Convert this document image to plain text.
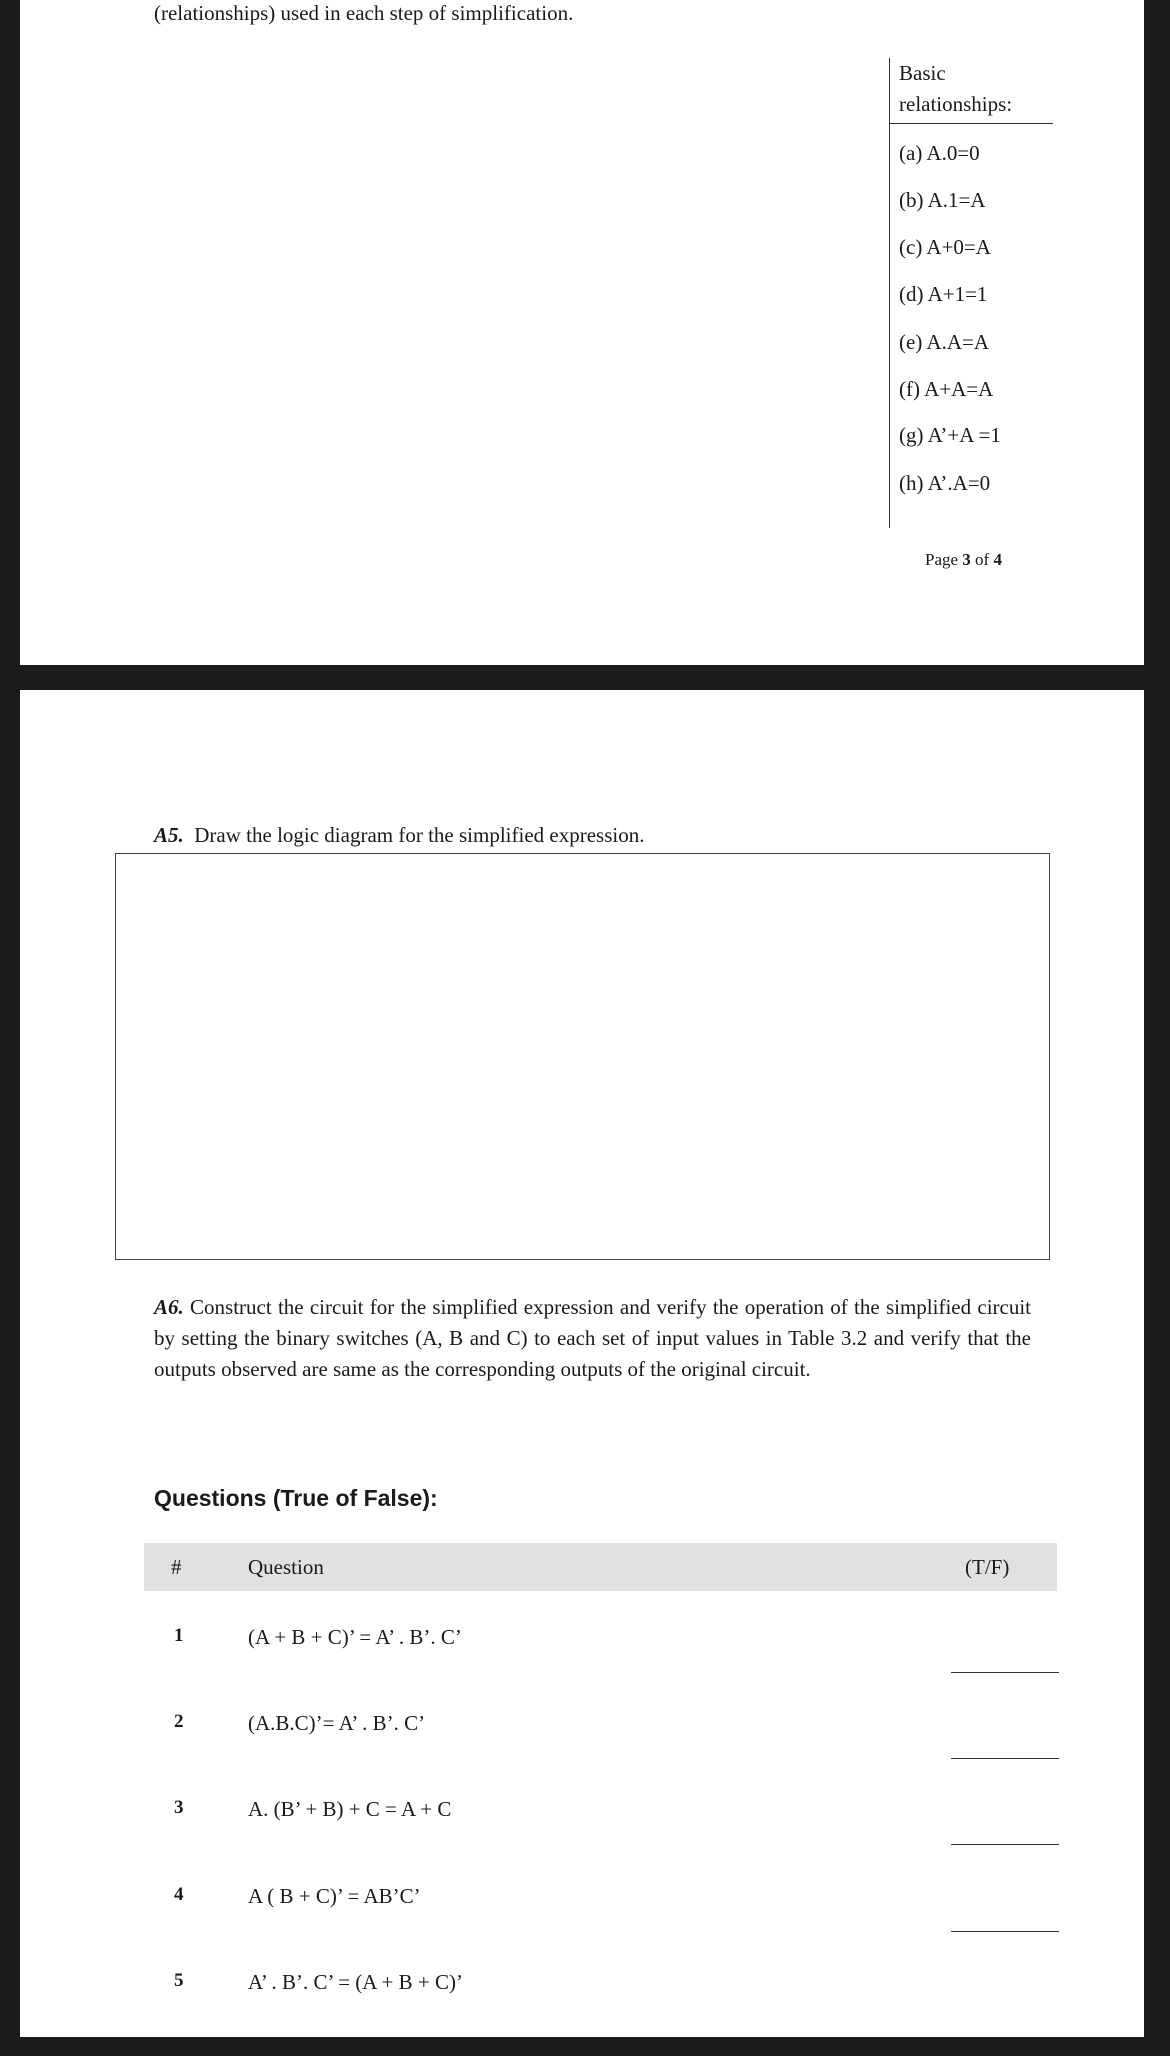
(relationships) used in each step of simplification.
Basic relationships:
(a) A.0=0
(b) A.1=A
(c) A+0=A
(d) A+1=1
(e) A.A=A
(f) A+A=A
(g) A’+A =1
(h) A’.A=0
Page 3 of 4
A5. Draw the logic diagram for the simplified expression.
A6. Construct the circuit for the simplified expression and verify the operation of the simplified circuit by setting the binary switches (A, B and C) to each set of input values in Table 3.2 and verify that the outputs observed are same as the corresponding outputs of the original circuit.
Questions (True of False):
#	Question	(T/F)
1	(A + B + C)’ = A’ . B’. C’
2	(A.B.C)’= A’ . B’. C’
3	A. (B’ + B) + C = A + C
4	A ( B + C)’ = AB’C’
5	A’ . B’. C’ = (A + B + C)’
